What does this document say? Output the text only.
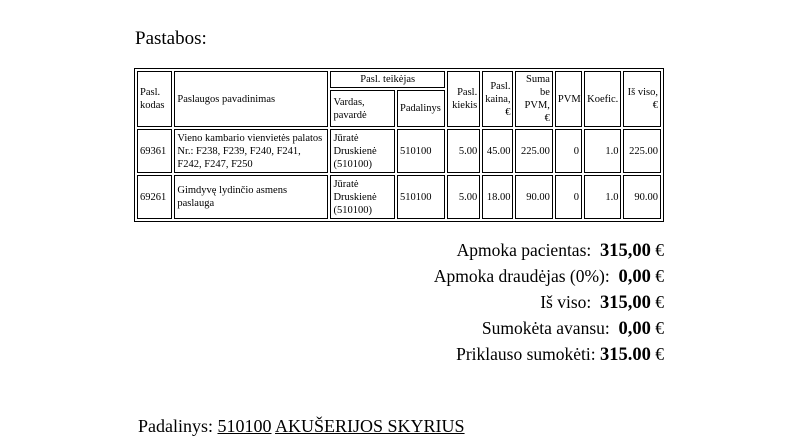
Pastabos:
Pasl. kodas	Paslaugos pavadinimas	Pasl. teikėjas		Pasl. kiekis	Pasl. kaina, €	Suma be PVM, €	PVM	Koefic.	Iš viso, €
		Vardas, pavardė	Padalinys						
69361	Vieno kambario vienvietės palatos Nr.: F238, F239, F240, F241, F242, F247, F250	Jūratė Druskienė (510100)	510100	5.00	45.00	225.00	0	1.0	225.00
69261	Gimdyvę lydinčio asmens paslauga	Jūratė Druskienė (510100)	510100	5.00	18.00	90.00	0	1.0	90.00
Apmoka pacientas: 315,00 €
Apmoka draudėjas (0%): 0,00 €
Iš viso: 315,00 €
Sumokėta avansu: 0,00 €
Priklauso sumokėti: 315.00 €
Padalinys: 510100 AKUŠERIJOS SKYRIUS
